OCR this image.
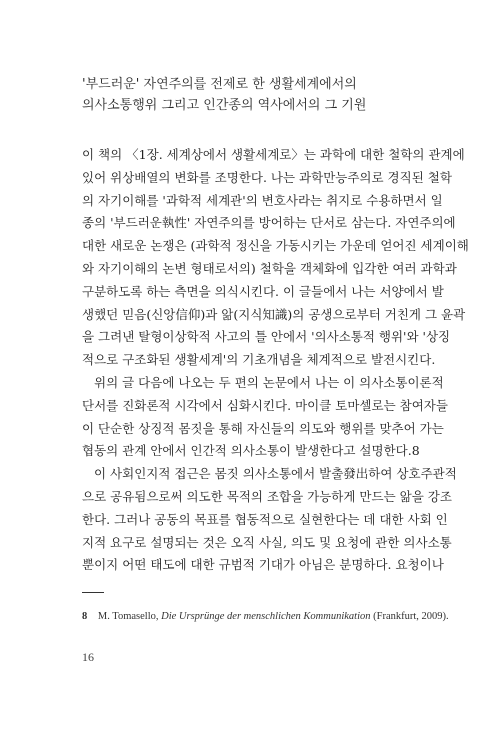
'부드러운' 자연주의를 전제로 한 생활세계에서의
의사소통행위 그리고 인간종의 역사에서의 그 기원
이 책의 〈1장. 세계상에서 생활세계로〉는 과학에 대한 철학의 관계에
있어 위상배열의 변화를 조명한다. 나는 과학만능주의로 경직된 철학
의 자기이해를 '과학적 세계관'의 변호사라는 취지로 수용하면서 일
종의 '부드러운執性' 자연주의를 방어하는 단서로 삼는다. 자연주의에
대한 새로운 논쟁은 (과학적 정신을 가동시키는 가운데 얻어진 세계이해
와 자기이해의 논변 형태로서의) 철학을 객체화에 입각한 여러 과학과
구분하도록 하는 측면을 의식시킨다. 이 글들에서 나는 서양에서 발
생했던 믿음(신앙信仰)과 앎(지식知識)의 공생으로부터 거친게 그 윤곽
을 그려낸 탈형이상학적 사고의 틀 안에서 '의사소통적 행위'와 '상징
적으로 구조화된 생활세계'의 기초개념을 체계적으로 발전시킨다.
위의 글 다음에 나오는 두 편의 논문에서 나는 이 의사소통이론적
단서를 진화론적 시각에서 심화시킨다. 마이클 토마셀로는 참여자들
이 단순한 상징적 몸짓을 통해 자신들의 의도와 행위를 맞추어 가는
협동의 관계 안에서 인간적 의사소통이 발생한다고 설명한다.8
이 사회인지적 접근은 몸짓 의사소통에서 발출發出하여 상호주관적
으로 공유됨으로써 의도한 목적의 조합을 가능하게 만드는 앎을 강조
한다. 그러나 공동의 목표를 협동적으로 실현한다는 데 대한 사회 인
지적 요구로 설명되는 것은 오직 사실, 의도 및 요청에 관한 의사소통
뿐이지 어떤 태도에 대한 규범적 기대가 아님은 분명하다. 요청이나
8 M. Tomasello, Die Ursprünge der menschlichen Kommunikation (Frankfurt, 2009).
16
